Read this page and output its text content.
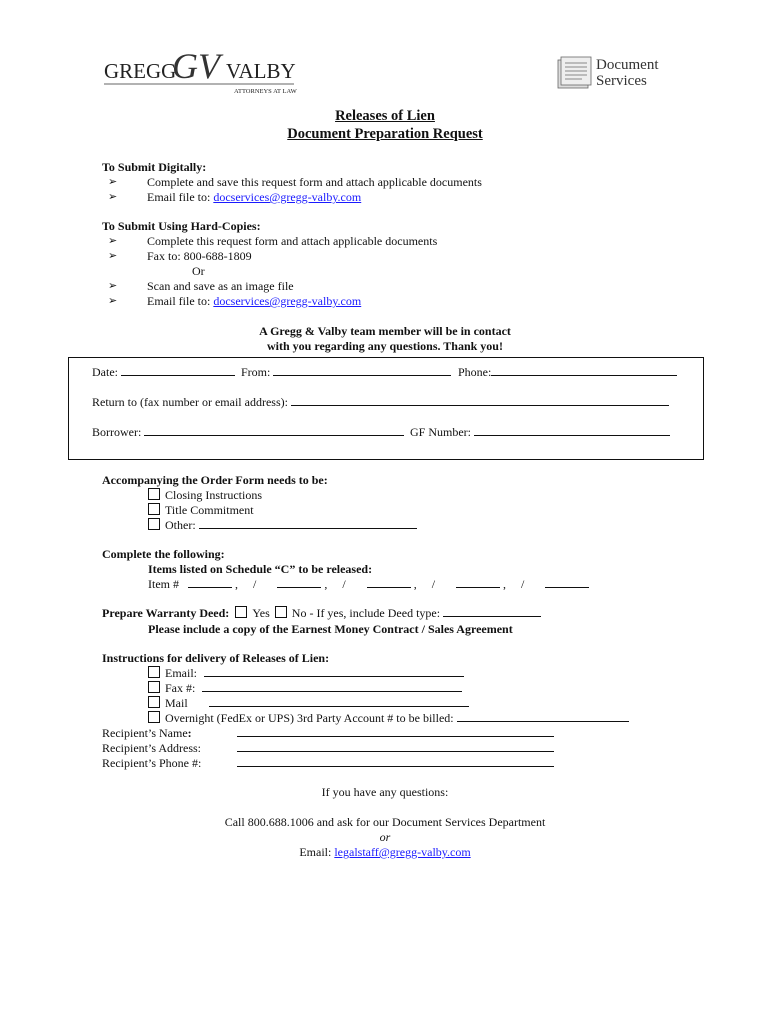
GREGG
GV VALBY
ATTORNEYS AT LAW
Document
Services
Releases of Lien
Document Preparation Request
To Submit Digitally:
➢ Complete and save this request form and attach applicable documents
➢ Email file to: docservices@gregg-valby.com
To Submit Using Hard-Copies:
➢ Complete this request form and attach applicable documents
➢ Fax to: 800-688-1809
Or
➢ Scan and save as an image file
➢ Email file to: docservices@gregg-valby.com
A Gregg & Valby team member will be in contact
with you regarding any questions. Thank you!
Date:	From:	Phone:
Return to (fax number or email address):
Borrower:	GF Number:
Accompanying the Order Form needs to be:
Closing Instructions
Title Commitment
Other:
Complete the following:
Items listed on Schedule “C” to be released:
Item #	, /	, /	, /	, /
Prepare Warranty Deed: Yes No - If yes, include Deed type:
Please include a copy of the Earnest Money Contract / Sales Agreement
Instructions for delivery of Releases of Lien:
Email:
Fax #:
Mail
Overnight (FedEx or UPS) 3rd Party Account # to be billed:
Recipient’s Name:
Recipient’s Address:
Recipient’s Phone #:
If you have any questions:
Call 800.688.1006 and ask for our Document Services Department
or
Email: legalstaff@gregg-valby.com
